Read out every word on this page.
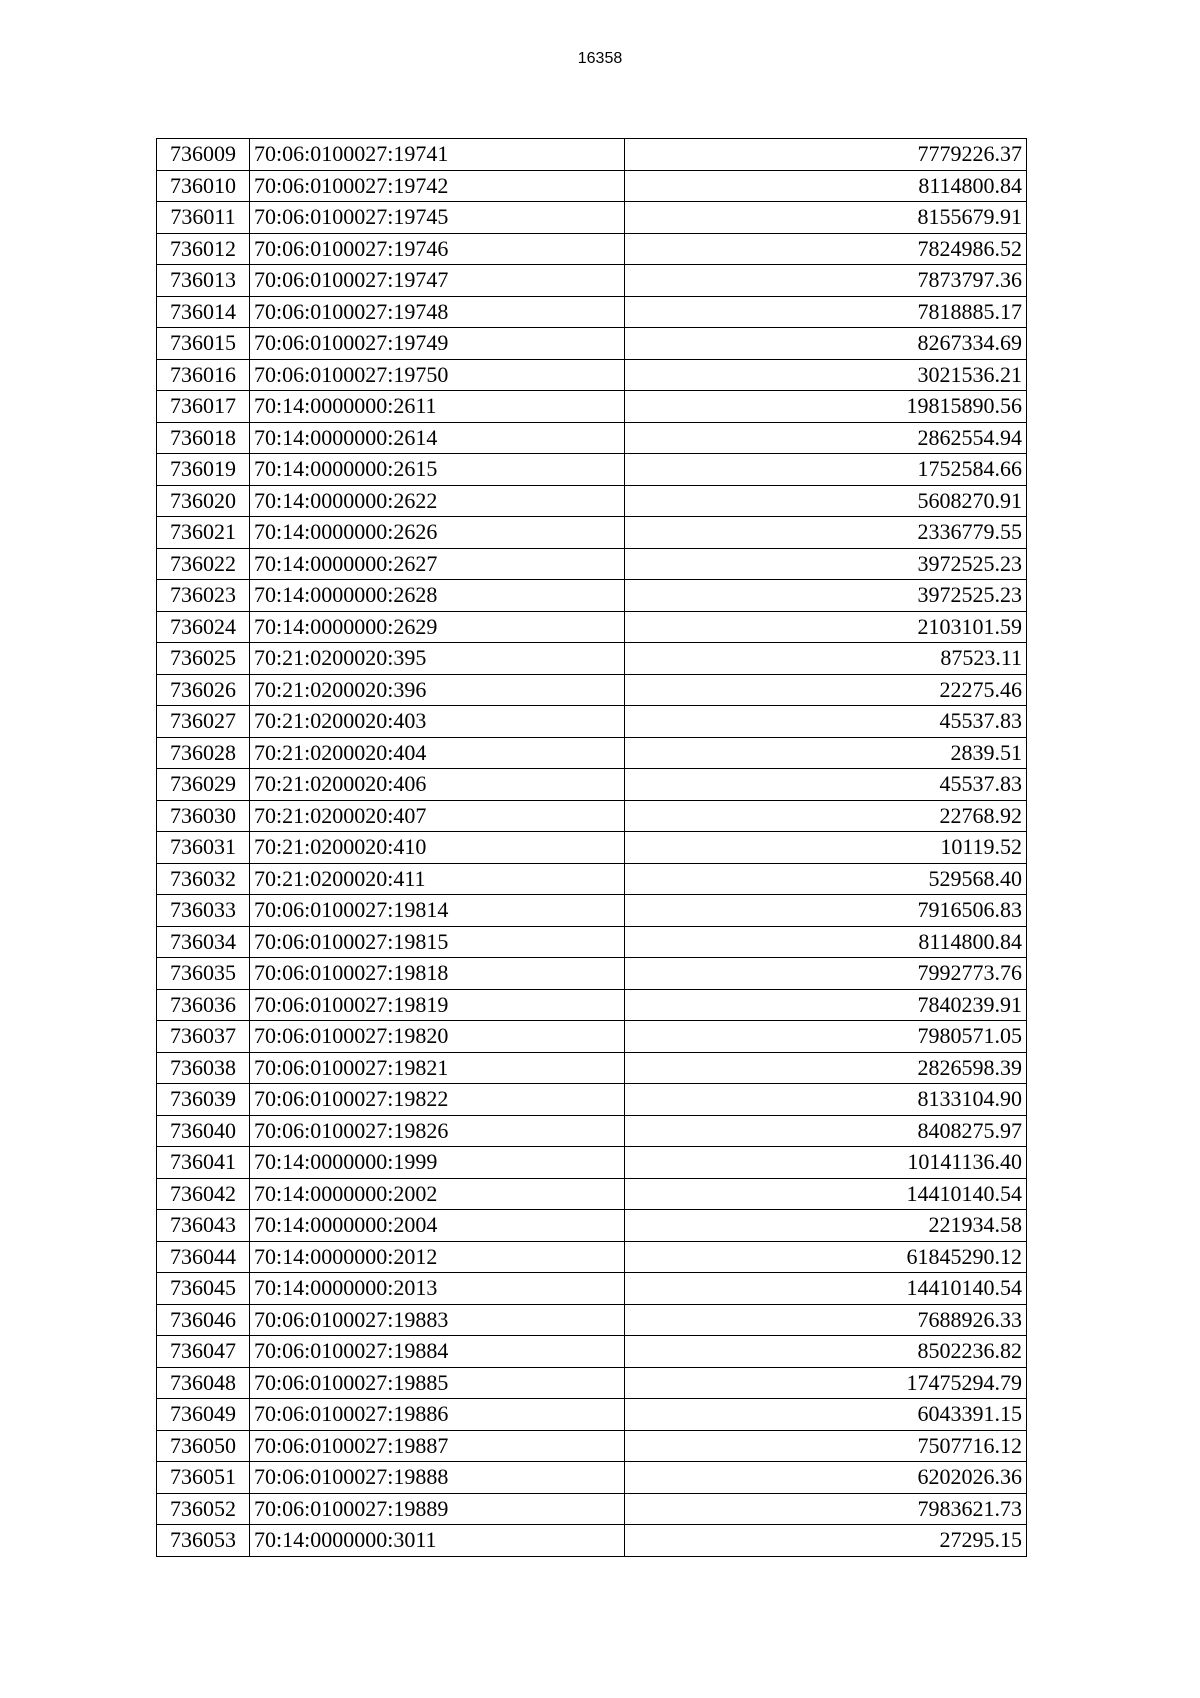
16358
736009	70:06:0100027:19741	7779226.37
736010	70:06:0100027:19742	8114800.84
736011	70:06:0100027:19745	8155679.91
736012	70:06:0100027:19746	7824986.52
736013	70:06:0100027:19747	7873797.36
736014	70:06:0100027:19748	7818885.17
736015	70:06:0100027:19749	8267334.69
736016	70:06:0100027:19750	3021536.21
736017	70:14:0000000:2611	19815890.56
736018	70:14:0000000:2614	2862554.94
736019	70:14:0000000:2615	1752584.66
736020	70:14:0000000:2622	5608270.91
736021	70:14:0000000:2626	2336779.55
736022	70:14:0000000:2627	3972525.23
736023	70:14:0000000:2628	3972525.23
736024	70:14:0000000:2629	2103101.59
736025	70:21:0200020:395	87523.11
736026	70:21:0200020:396	22275.46
736027	70:21:0200020:403	45537.83
736028	70:21:0200020:404	2839.51
736029	70:21:0200020:406	45537.83
736030	70:21:0200020:407	22768.92
736031	70:21:0200020:410	10119.52
736032	70:21:0200020:411	529568.40
736033	70:06:0100027:19814	7916506.83
736034	70:06:0100027:19815	8114800.84
736035	70:06:0100027:19818	7992773.76
736036	70:06:0100027:19819	7840239.91
736037	70:06:0100027:19820	7980571.05
736038	70:06:0100027:19821	2826598.39
736039	70:06:0100027:19822	8133104.90
736040	70:06:0100027:19826	8408275.97
736041	70:14:0000000:1999	10141136.40
736042	70:14:0000000:2002	14410140.54
736043	70:14:0000000:2004	221934.58
736044	70:14:0000000:2012	61845290.12
736045	70:14:0000000:2013	14410140.54
736046	70:06:0100027:19883	7688926.33
736047	70:06:0100027:19884	8502236.82
736048	70:06:0100027:19885	17475294.79
736049	70:06:0100027:19886	6043391.15
736050	70:06:0100027:19887	7507716.12
736051	70:06:0100027:19888	6202026.36
736052	70:06:0100027:19889	7983621.73
736053	70:14:0000000:3011	27295.15
